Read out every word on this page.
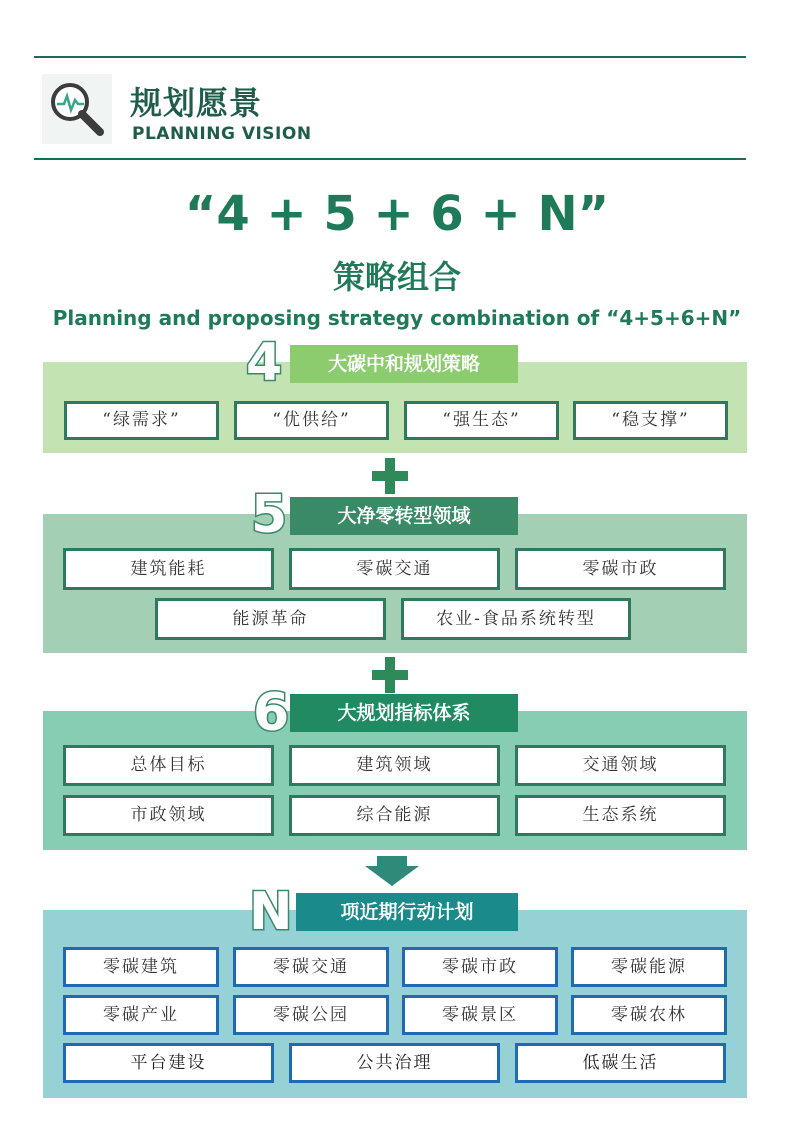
规划愿景
PLANNING VISION
“4 + 5 + 6 + N”
策略组合
Planning and proposing strategy combination of “4+5+6+N”
4	大碳中和规划策略
“绿需求”	“优供给”	“强生态”	“稳支撑”
5	大净零转型领域
建筑能耗	零碳交通	零碳市政
能源革命	农业-食品系统转型
6	大规划指标体系
总体目标	建筑领域	交通领域
市政领域	综合能源	生态系统
N	项近期行动计划
零碳建筑	零碳交通	零碳市政	零碳能源
零碳产业	零碳公园	零碳景区	零碳农林
平台建设	公共治理	低碳生活
